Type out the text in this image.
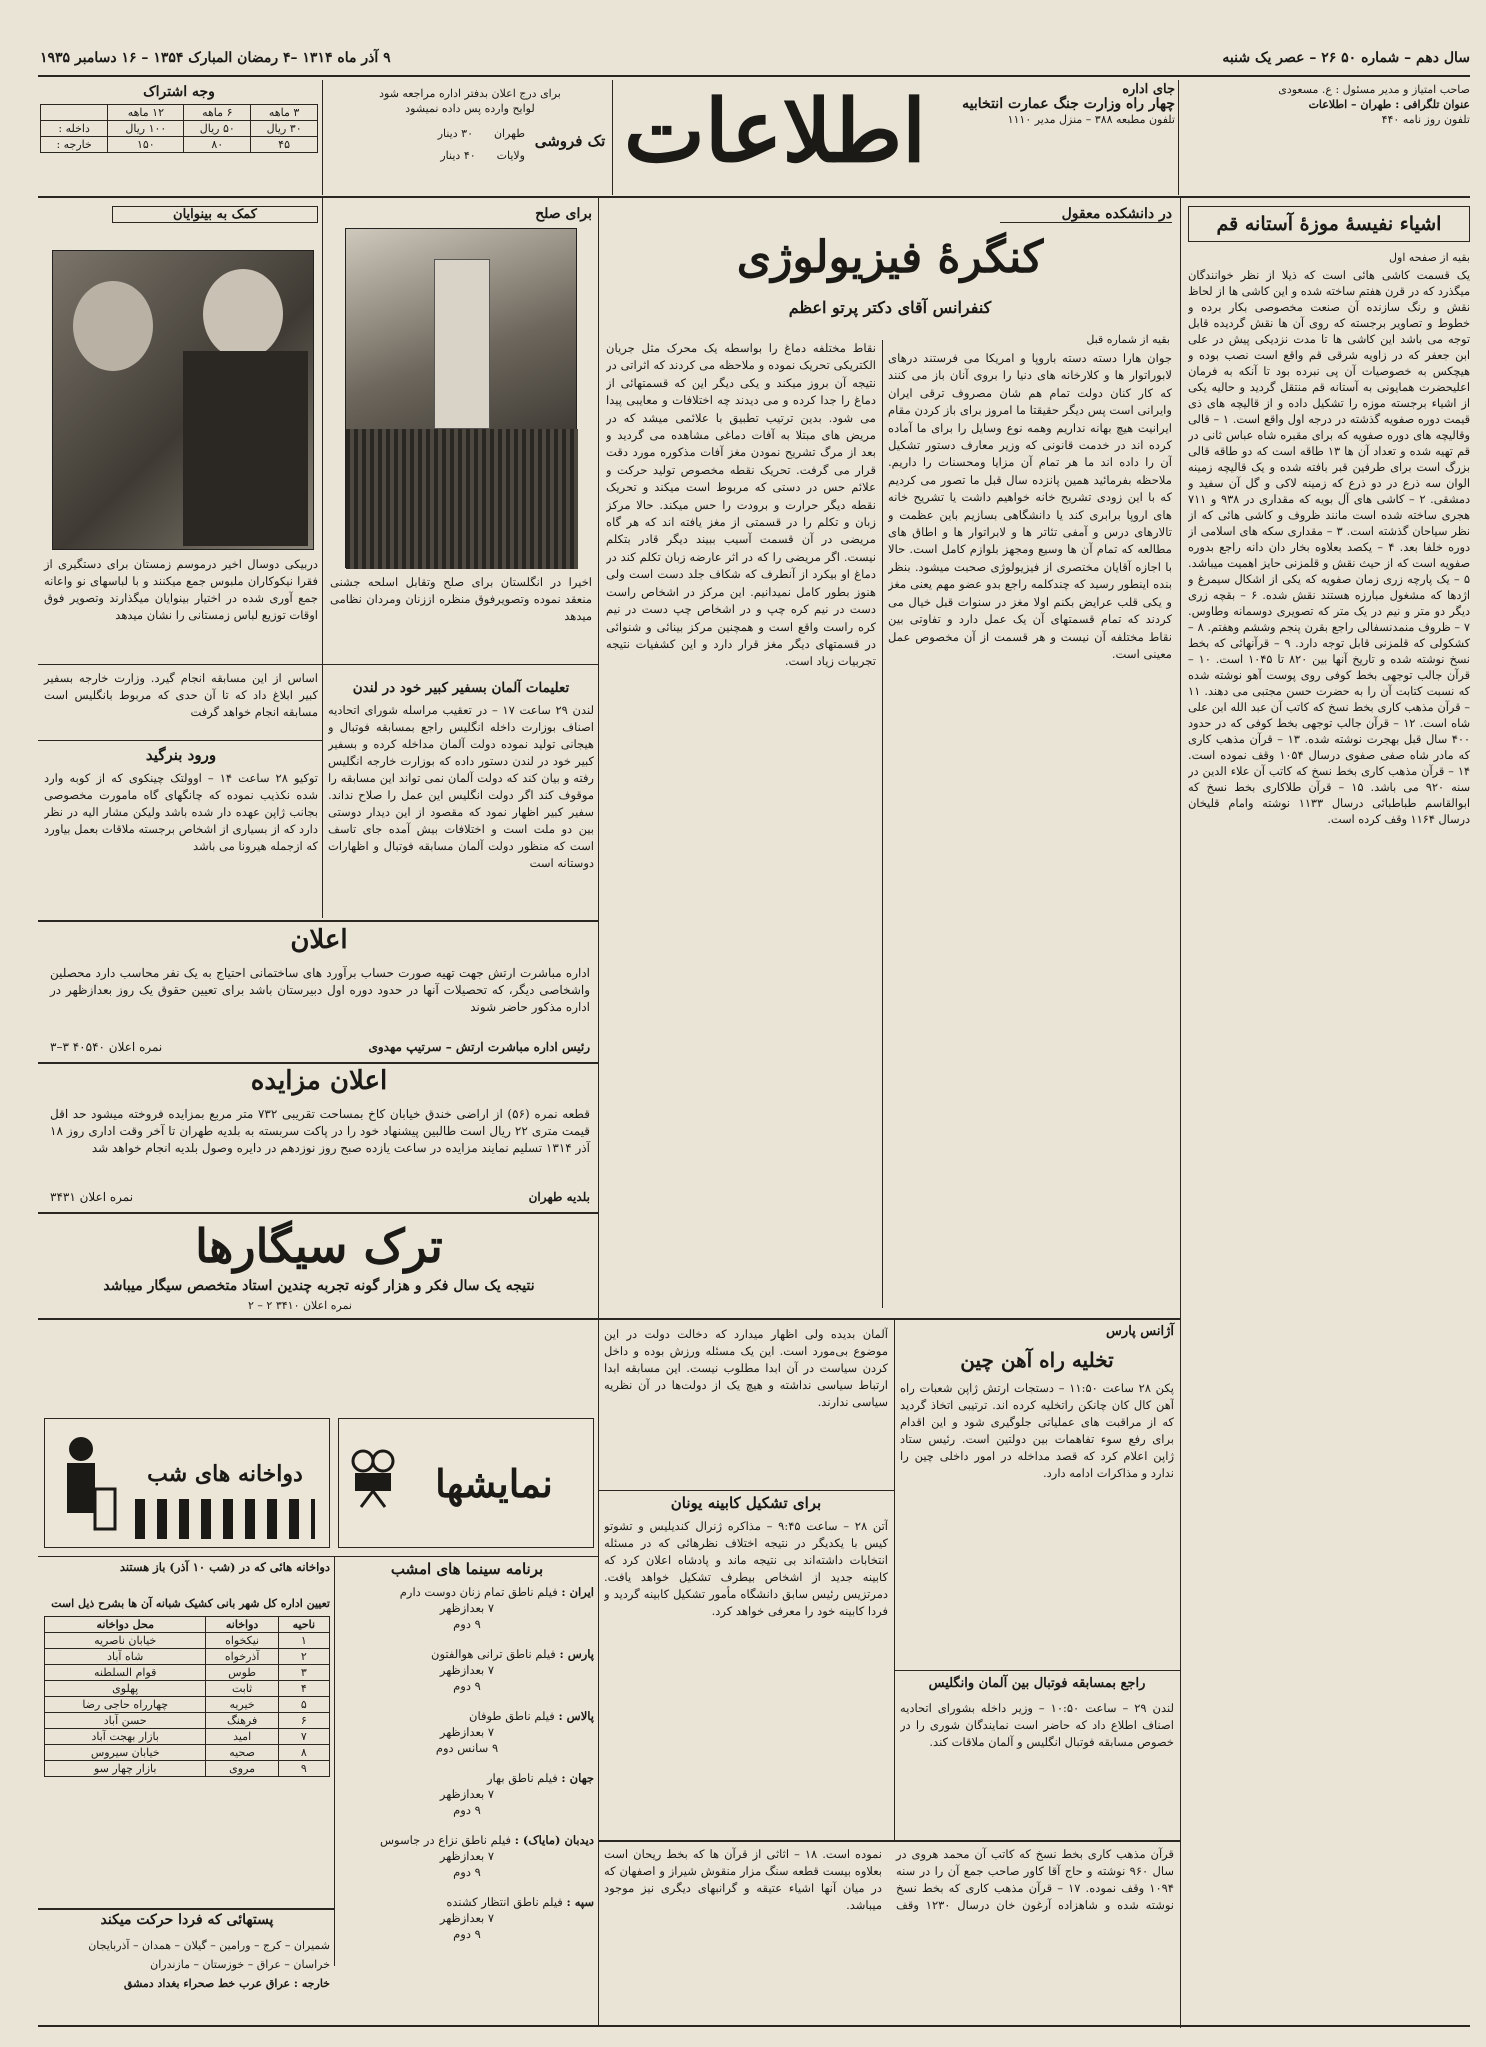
سال دهم – شماره ۵۰ ۲۶ – عصر یک شنبه
۹ آذر ماه ۱۳۱۴ –۴ رمضان المبارک ۱۳۵۴ – ۱۶ دسامبر ۱۹۳۵
صاحب امتیاز و مدیر مسئول : ع. مسعودی
عنوان تلگرافی : طهران – اطلاعات
تلفون روز نامه ۴۴۰
جای اداره
چهار راه وزارت جنگ عمارت انتخابیه
تلفون مطبعه ۳۸۸ – منزل مدیر ۱۱۱۰
اطلاعات
برای درج اعلان بدفتر اداره مراجعه شود
لوایح وارده پس داده نمیشود
تک فروشی
طهران      ۳۰ دینار
ولایات      ۴۰ دینار
وجه اشتراک
	۱۲ ماهه	۶ ماهه	۳ ماهه
داخله :	۱۰۰ ریال	۵۰ ریال	۳۰ ریال
خارجه :	۱۵۰	۸۰	۴۵
اشیاء نفیسهٔ موزهٔ آستانه قم
بقیه از صفحه اول
یک قسمت کاشی هائی است که ذیلا از نظر خوانندگان میگذرد که در قرن هفتم ساخته شده و این کاشی ها از لحاظ نقش و رنگ سازنده آن صنعت مخصوصی بکار برده و خطوط و تصاویر برجسته که روی آن ها نقش گردیده قابل توجه می باشد این کاشی ها تا مدت نزدیکی پیش در علی ابن جعفر که در زاویه شرقی قم واقع است نصب بوده و هیچکس به خصوصیات آن پی نبرده بود تا آنکه به فرمان اعلیحضرت همایونی به آستانه قم منتقل گردید و حالیه یکی از اشیاء برجسته موزه را تشکیل داده و از قالیچه های ذی قیمت دوره صفویه گذشته در درجه اول واقع است. ۱ – قالی وقالیچه های دوره صفویه که برای مقبره شاه عباس ثانی در قم تهیه شده و تعداد آن ها ۱۳ طاقه است که دو طاقه قالی بزرگ است برای طرفین قبر بافته شده و یک قالیچه زمینه الوان سه ذرع در دو ذرع که زمینه لاکی و گل آن سفید و دمشقی. ۲ – کاشی های آل بویه که مقداری در ۹۳۸ و ۷۱۱ هجری ساخته شده است مانند ظروف و کاشی هائی که از نظر سیاحان گذشته است. ۳ – مقداری سکه های اسلامی از دوره خلفا بعد. ۴ – یکصد بعلاوه بخار دان دانه راجع بدوره صفویه است که از حیث نقش و قلمزنی حایز اهمیت میباشد. ۵ – یک پارچه زری زمان صفویه که یکی از اشکال سیمرغ و اژدها که مشغول مبارزه هستند نقش شده. ۶ – بقچه زری دیگر دو متر و نیم در یک متر که تصویری دوسمانه وطاوس. ۷ – ظروف منمدنسفالی راجع بقرن پنجم وششم وهفتم. ۸ – کشکولی که قلمزنی قابل توجه دارد. ۹ – قرآنهائی که بخط نسخ نوشته شده و تاریخ آنها بین ۸۲۰ تا ۱۰۴۵ است. ۱۰ – قرآن جالب توجهی بخط کوفی روی پوست آهو نوشته شده که نسبت کتابت آن را به حضرت حسن مجتبی می دهند. ۱۱ – قرآن مذهب کاری بخط نسخ که کاتب آن عبد الله ابن علی شاه است. ۱۲ – قرآن جالب توجهی بخط کوفی که در حدود ۴۰۰ سال قبل بهجرت نوشته شده. ۱۳ – قرآن مذهب کاری که مادر شاه صفی صفوی درسال ۱۰۵۴ وقف نموده است. ۱۴ – قرآن مذهب کاری بخط نسخ که کاتب آن علاء الدین در سنه ۹۲۰ می باشد. ۱۵ – قرآن طلاکاری بخط نسخ که ابوالقاسم طباطبائی درسال ۱۱۳۳ نوشته وامام قلیخان درسال ۱۱۶۴ وقف کرده است.
در دانشکده معقول
کنگرهٔ فیزیولوژی
کنفرانس آقای دکتر پرتو اعظم
بقیه از شماره قبل
جوان هارا دسته دسته باروپا و امریکا می فرستند درهای لابوراتوار ها و کلارخانه های دنیا را بروی آنان باز می کنند که کار کنان دولت تمام هم شان مصروف ترقی ایران وایرانی است پس دیگر حقیقتا ما امروز برای باز کردن مقام ایرانیت هیچ بهانه نداریم وهمه نوع وسایل را برای ما آماده کرده اند در خدمت قانونی که وزیر معارف دستور تشکیل آن را داده اند ما هر تمام آن مزایا ومحسنات را داریم. ملاحظه بفرمائید همین پانزده سال قبل ما تصور می کردیم که با این زودی تشریح خانه خواهیم داشت یا تشریح خانه های اروپا برابری کند یا دانشگاهی بسازیم باین عظمت و تالارهای درس و آمفی تئاتر ها و لابراتوار ها و اطاق های مطالعه که تمام آن ها وسیع ومجهز بلوازم کامل است. حالا با اجازه آقایان مختصری از فیزیولوژی صحبت میشود. بنظر بنده اینطور رسید که چندکلمه راجع بدو عضو مهم یعنی مغز و یکی قلب عرایض بکنم اولا مغز در سنوات قبل خیال می کردند که تمام قسمتهای آن یک عمل دارد و تفاوتی بین نقاط مختلفه آن نیست و هر قسمت از آن مخصوص عمل معینی است.
نقاط مختلفه دماغ را بواسطه یک محرک مثل جریان الکتریکی تحریک نموده و ملاحظه می کردند که اثراتی در نتیجه آن بروز میکند و یکی دیگر این که قسمتهائی از دماغ را جدا کرده و می دیدند چه اختلافات و معایبی پیدا می شود. بدین ترتیب تطبیق با علائمی میشد که در مریض های مبتلا به آفات دماغی مشاهده می گردید و بعد از مرگ تشریح نمودن مغز آفات مذکوره مورد دقت قرار می گرفت. تحریک نقطه مخصوص تولید حرکت و علائم حس در دستی که مربوط است میکند و تحریک نقطه دیگر حرارت و برودت را حس میکند. حالا مرکز زبان و تکلم را در قسمتی از مغز یافته اند که هر گاه مریضی در آن قسمت آسیب ببیند دیگر قادر بتکلم نیست. اگر مریضی را که در اثر عارضه زبان تکلم کند در دماغ او بیکرد از آنطرف که شکاف جلد دست است ولی هنوز بطور کامل نمیدانیم. این مرکز در اشخاص راست دست در نیم کره چپ و در اشخاص چپ دست در نیم کره راست واقع است و همچنین مرکز بینائی و شنوائی در قسمتهای دیگر مغز قرار دارد و این کشفیات نتیجه تجربیات زیاد است.
برای صلح
اخیرا در انگلستان برای صلح وتقابل اسلحه جشنی منعقد نموده وتصویرفوق منظره اززنان ومردان نظامی میدهد
کمک به بینوایان
دربیکی دوسال اخیر درموسم زمستان برای دستگیری از فقرا نیکوکاران ملبوس جمع میکنند و با لباسهای نو واعانه جمع آوری شده در اختیار بینوایان میگذارند وتصویر فوق اوقات توزیع لباس زمستانی را نشان میدهد
اساس از این مسابقه انجام گیرد. وزارت خارجه بسفیر کبیر ابلاغ داد که تا آن حدی که مربوط بانگلیس است مسابقه انجام خواهد گرفت
ورود بنرگید
توکیو ۲۸ ساعت ۱۴ – اوولتک چینکوی که از کوبه وارد شده نکذیب نموده که چانگهای گاه مامورت مخصوصی بجانب ژاپن عهده دار شده باشد ولیکن مشار الیه در نظر دارد که از بسیاری از اشخاص برجسته ملاقات بعمل بیاورد که ازجمله هیرونا می باشد
تعلیمات آلمان بسفیر کبیر خود در لندن
لندن ۲۹ ساعت ۱۷ – در تعقیب مراسله شورای اتحادیه اصناف بوزارت داخله انگلیس راجع بمسابقه فوتبال و هیجانی تولید نموده دولت آلمان مداخله کرده و بسفیر کبیر خود در لندن دستور داده که بوزارت خارجه انگلیس رفته و بیان کند که دولت آلمان نمی تواند این مسابقه را موقوف کند اگر دولت انگلیس این عمل را صلاح نداند. سفیر کبیر اظهار نمود که مقصود از این دیدار دوستی بین دو ملت است و اختلافات بیش آمده جای تاسف است که منظور دولت آلمان مسابقه فوتبال و اظهارات دوستانه است
اعلان
اداره مباشرت ارتش جهت تهیه صورت حساب برآورد های ساختمانی احتیاج به یک نفر محاسب دارد محصلین واشخاصی دیگر، که تحصیلات آنها در حدود دوره اول دبیرستان باشد برای تعیین حقوق یک روز بعدازظهر در اداره مذکور حاضر شوند
رئیس اداره مباشرت ارتش – سرتیپ مهدوی
نمره اعلان ۴۰۵۴۰ ۳–۳
اعلان مزایده
قطعه نمره (۵۶) از اراضی خندق خیابان کاخ بمساحت تقریبی ۷۳۲ متر مربع بمزایده فروخته میشود حد اقل قیمت متری ۲۲ ریال است طالبین پیشنهاد خود را در پاکت سربسته به بلدیه طهران تا آخر وقت اداری روز ۱۸ آذر ۱۳۱۴ تسلیم نمایند مزایده در ساعت یازده صبح روز نوزدهم در دایره وصول بلدیه انجام خواهد شد
بلدیه طهران
نمره اعلان ۳۴۳۱
ترک سیگارها
نتیجه یک سال فکر و هزار گونه تجربه چندین استاد متخصص سیگار میباشد
نمره اعلان ۳۴۱۰ ۲ – ۲
آژانس پارس
تخلیه راه آهن چین
پکن ۲۸ ساعت ۱۱:۵۰ – دستجات ارتش ژاپن شعبات راه آهن کال کان چانکن راتخلیه کرده اند. ترتیبی اتخاذ گردید که از مراقبت های عملیاتی جلوگیری شود و این اقدام برای رفع سوء تفاهمات بین دولتین است. رئیس ستاد ژاپن اعلام کرد که قصد مداخله در امور داخلی چین را ندارد و مذاکرات ادامه دارد.
آلمان بدیده ولی اظهار میدارد که دخالت دولت در این موضوع بی‌مورد است. این یک مسئله ورزش بوده و داخل کردن سیاست در آن ابدا مطلوب نیست. این مسابقه ابدا ارتباط سیاسی نداشته و هیچ یک از دولت‌ها در آن نظریه سیاسی ندارند.
برای تشکیل کابینه یونان
آتن ۲۸ – ساعت ۹:۴۵ – مذاکره ژنرال کندیلیس و تشوتو کیس با یکدیگر در نتیجه اختلاف نظرهائی که در مسئله انتخابات داشته‌اند بی نتیجه ماند و پادشاه اعلان کرد که کابینه جدید از اشخاص بیطرف تشکیل خواهد یافت. دمرتزیس رئیس سابق دانشگاه مأمور تشکیل کابینه گردید و فردا کابینه خود را معرفی خواهد کرد.
راجع بمسابقه فوتبال بین آلمان وانگلیس
لندن ۲۹ – ساعت ۱۰:۵۰ – وزیر داخله بشوراى اتحادیه اصناف اطلاع داد که حاضر است نمایندگان شوری را در خصوص مسابقه فوتبال انگلیس و آلمان ملاقات کند.
قرآن مذهب کاری بخط نسخ که کاتب آن محمد هروی در سال ۹۶۰ نوشته و حاج آقا کاور صاحب جمع آن را در سنه ۱۰۹۴ وقف نموده. ۱۷ – قرآن مذهب کاری که بخط نسخ نوشته شده و شاهزاده آرغون خان درسال ۱۲۳۰ وقف نموده است. ۱۸ – اثاثی از قرآن ها که بخط ریحان است بعلاوه بیست قطعه سنگ مزار منقوش شیراز و اصفهان که در میان آنها اشیاء عتیقه و گرانبهای دیگری نیز موجود میباشد.
نمایشها
دواخانه های شب
برنامه سینما های امشب
ایران : فیلم ناطق تمام زنان دوست دارم
۷ بعدازظهر
۹ دوم
پارس : فیلم ناطق ترانی هوالفتون
۷ بعدازظهر
۹ دوم
پالاس : فیلم ناطق طوفان
۷ بعدازظهر
۹ سانس دوم
جهان : فیلم ناطق بهار
۷ بعدازظهر
۹ دوم
دیدبان (مایاک) : فیلم ناطق نزاع در جاسوس
۷ بعدازظهر
۹ دوم
سپه : فیلم ناطق انتظار کشنده
۷ بعدازظهر
۹ دوم
دواخانه هائی که در (شب ۱۰ آذر) باز هستند
تعیین اداره کل شهر بانی کشیک شبانه آن ها بشرح ذیل است
محل دواخانه	دواخانه	ناحیه
خیابان ناصریه	نیکخواه	۱
شاه آباد	آذرخواه	۲
قوام السلطنه	طوس	۳
پهلوی	ثابت	۴
چهارراه حاجی رضا	خیریه	۵
حسن آباد	فرهنگ	۶
بازار بهجت آباد	امید	۷
خیابان سیروس	صحیه	۸
بازار چهار سو	مروی	۹
پستهائی که فردا حرکت میکند
شمیران – کرج – ورامین – گیلان – همدان – آذربایجان
خراسان – عراق – خوزستان – مازندران
خارجه : عراق عرب خط صحراء بغداد دمشق
